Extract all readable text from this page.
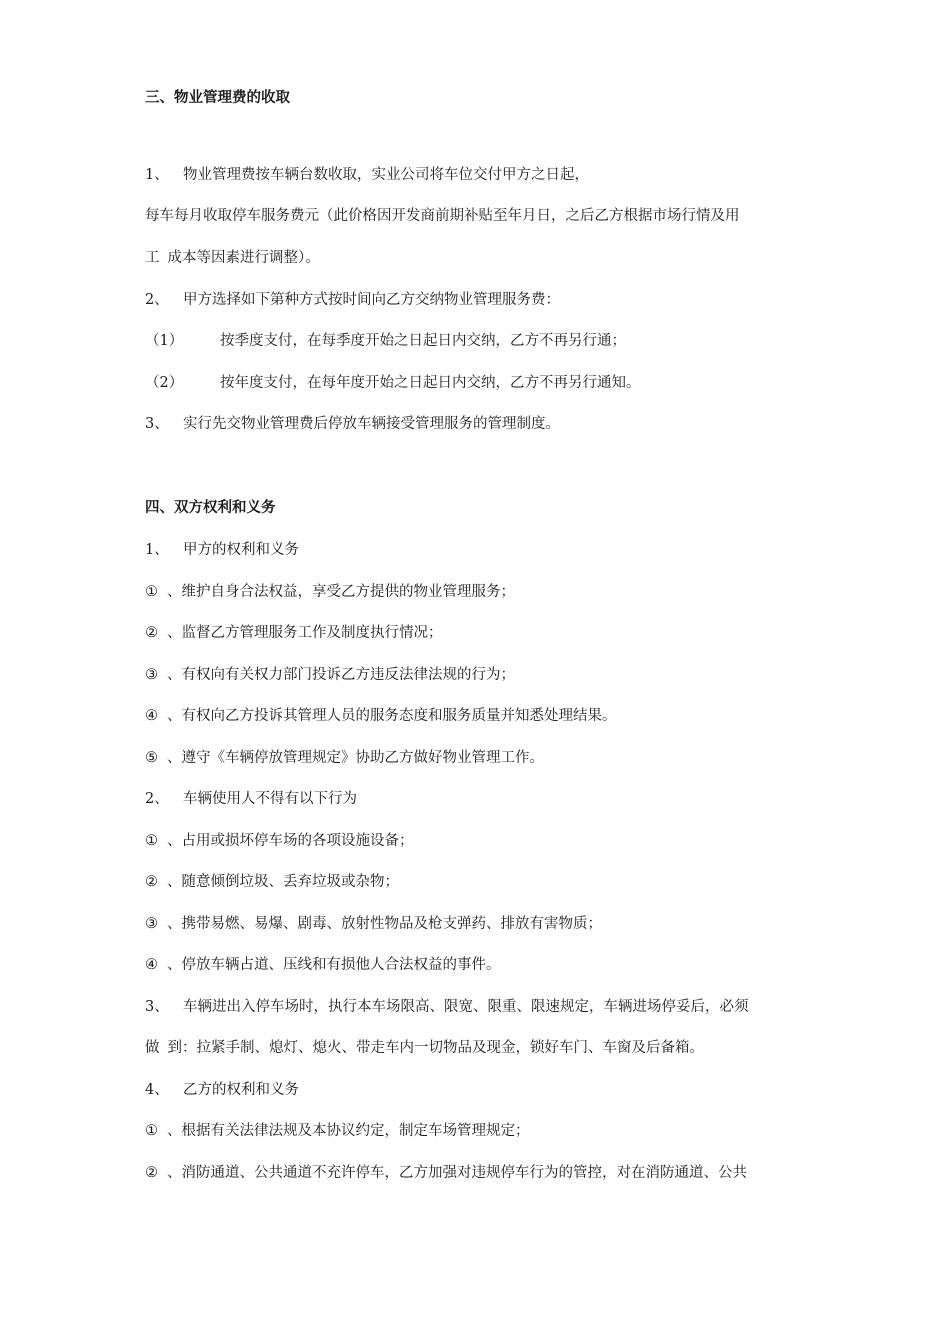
三、物业管理费的收取
1、 物业管理费按车辆台数收取，实业公司将车位交付甲方之日起，
每车每月收取停车服务费元（此价格因开发商前期补贴至年月日，之后乙方根据市场行情及用
工 成本等因素进行调整）。
2、 甲方选择如下第种方式按时间向乙方交纳物业管理服务费：
（1）	按季度支付，在每季度开始之日起日内交纳，乙方不再另行通；
（2）	按年度支付，在每年度开始之日起日内交纳，乙方不再另行通知。
3、 实行先交物业管理费后停放车辆接受管理服务的管理制度。
四、双方权利和义务
1、 甲方的权利和义务
① 、维护自身合法权益，享受乙方提供的物业管理服务；
② 、监督乙方管理服务工作及制度执行情况；
③ 、有权向有关权力部门投诉乙方违反法律法规的行为；
④ 、有权向乙方投诉其管理人员的服务态度和服务质量并知悉处理结果。
⑤ 、遵守《车辆停放管理规定》协助乙方做好物业管理工作。
2、 车辆使用人不得有以下行为
① 、占用或损坏停车场的各项设施设备；
② 、随意倾倒垃圾、丢弃垃圾或杂物；
③ 、携带易燃、易爆、剧毒、放射性物品及枪支弹药、排放有害物质；
④ 、停放车辆占道、压线和有损他人合法权益的事件。
3、 车辆进出入停车场时，执行本车场限高、限宽、限重、限速规定，车辆进场停妥后，必须
做 到：拉紧手制、熄灯、熄火、带走车内一切物品及现金，锁好车门、车窗及后备箱。
4、 乙方的权利和义务
① 、根据有关法律法规及本协议约定，制定车场管理规定；
② 、消防通道、公共通道不充许停车，乙方加强对违规停车行为的管控，对在消防通道、公共
